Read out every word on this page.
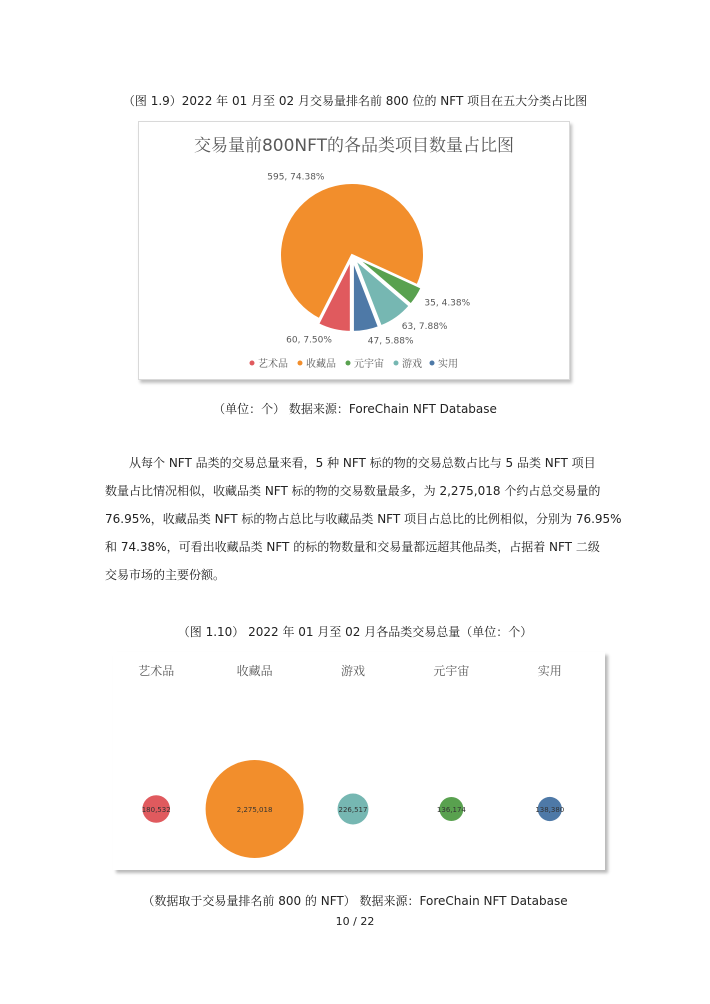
（图 1.9）2022 年 01 月至 02 月交易量排名前 800 位的 NFT 项目在五大分类占比图
交易量前800NFT的各品类项目数量占比图
60, 7.50%
595, 74.38%
35, 4.38%
63, 7.88%
47, 5.88%
艺术品 收藏品 元宇宙 游戏 实用
（单位：个） 数据来源：ForeChain NFT Database
从每个 NFT 品类的交易总量来看，5 种 NFT 标的物的交易总数占比与 5 品类 NFT 项目
数量占比情况相似，收藏品类 NFT 标的物的交易数量最多，为 2,275,018 个约占总交易量的
76.95%，收藏品类 NFT 标的物占总比与收藏品类 NFT 项目占总比的比例相似，分别为 76.95%
和 74.38%，可看出收藏品类 NFT 的标的物数量和交易量都远超其他品类，占据着 NFT 二级
交易市场的主要份额。
（图 1.10） 2022 年 01 月至 02 月各品类交易总量（单位：个）
艺术品	收藏品	游戏	元宇宙	实用
180,532	2,275,018	226,517	136,174	138,380
（数据取于交易量排名前 800 的 NFT） 数据来源：ForeChain NFT Database
10 / 22
